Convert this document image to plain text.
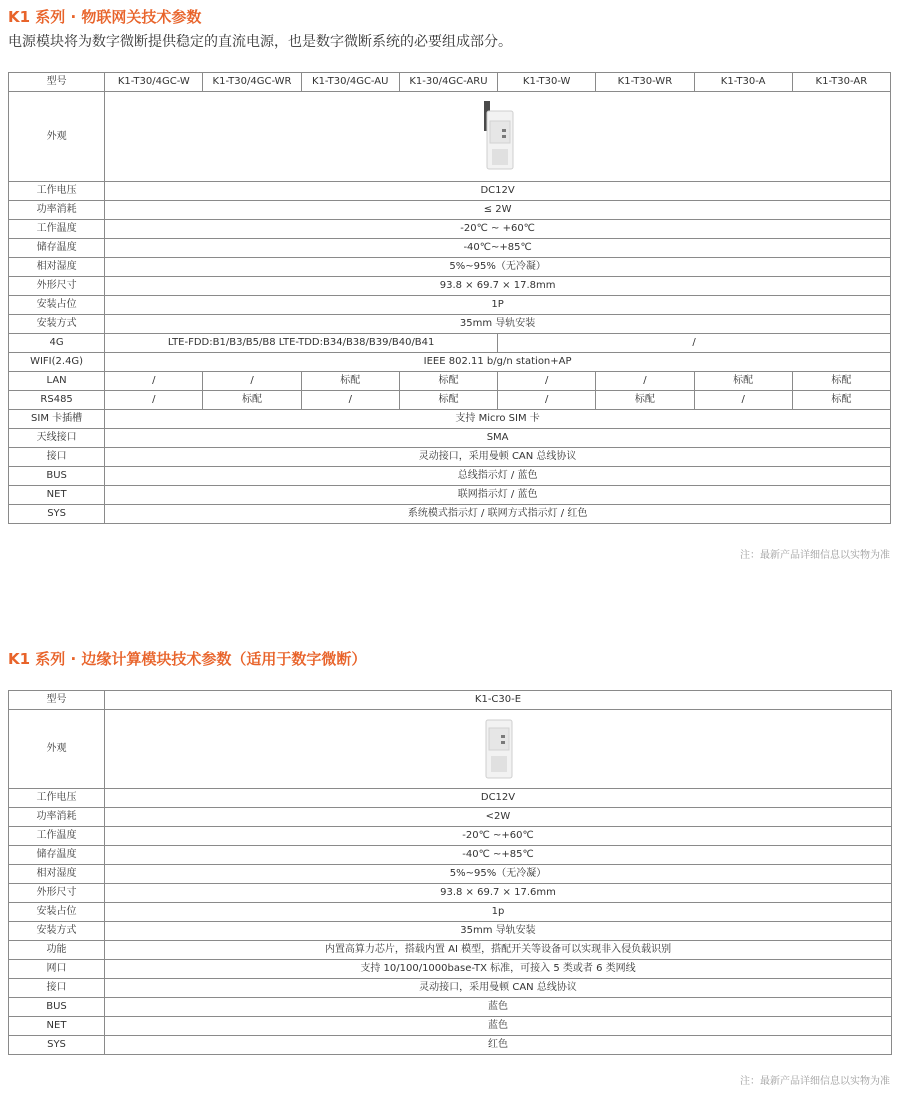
K1 系列 · 物联网关技术参数
电源模块将为数字微断提供稳定的直流电源，也是数字微断系统的必要组成部分。
型号	K1-T30/4GC-W	K1-T30/4GC-WR	K1-T30/4GC-AU	K1-30/4GC-ARU	K1-T30-W	K1-T30-WR	K1-T30-A	K1-T30-AR
外观	

工作电压	DC12V							
功率消耗	≤ 2W							
工作温度	-20℃ ~ +60℃							
储存温度	-40℃~+85℃							
相对湿度	5%~95%（无冷凝）							
外形尺寸	93.8 × 69.7 × 17.8mm							
安装占位	1P							
安装方式	35mm 导轨安装							
4G	LTE-FDD:B1/B3/B5/B8 LTE-TDD:B34/B38/B39/B40/B41				/			
WIFI(2.4G)	IEEE 802.11 b/g/n station+AP							
LAN	/	/	标配	标配	/	/	标配	标配
RS485	/	标配	/	标配	/	标配	/	标配
SIM 卡插槽	支持 Micro SIM 卡							
天线接口	SMA							
接口	灵动接口，采用曼顿 CAN 总线协议							
BUS	总线指示灯 / 蓝色							
NET	联网指示灯 / 蓝色							
SYS	系统模式指示灯 / 联网方式指示灯 / 红色							
注：最新产品详细信息以实物为准
K1 系列 · 边缘计算模块技术参数（适用于数字微断）
型号	K1-C30-E
外观	

工作电压	DC12V
功率消耗	<2W
工作温度	-20℃ ~+60℃
储存温度	-40℃ ~+85℃
相对湿度	5%~95%（无冷凝）
外形尺寸	93.8 × 69.7 × 17.6mm
安装占位	1p
安装方式	35mm 导轨安装
功能	内置高算力芯片，搭载内置 AI 模型，搭配开关等设备可以实现非入侵负载识别
网口	支持 10/100/1000base-TX 标准，可接入 5 类或者 6 类网线
接口	灵动接口，采用曼顿 CAN 总线协议
BUS	蓝色
NET	蓝色
SYS	红色
注：最新产品详细信息以实物为准
